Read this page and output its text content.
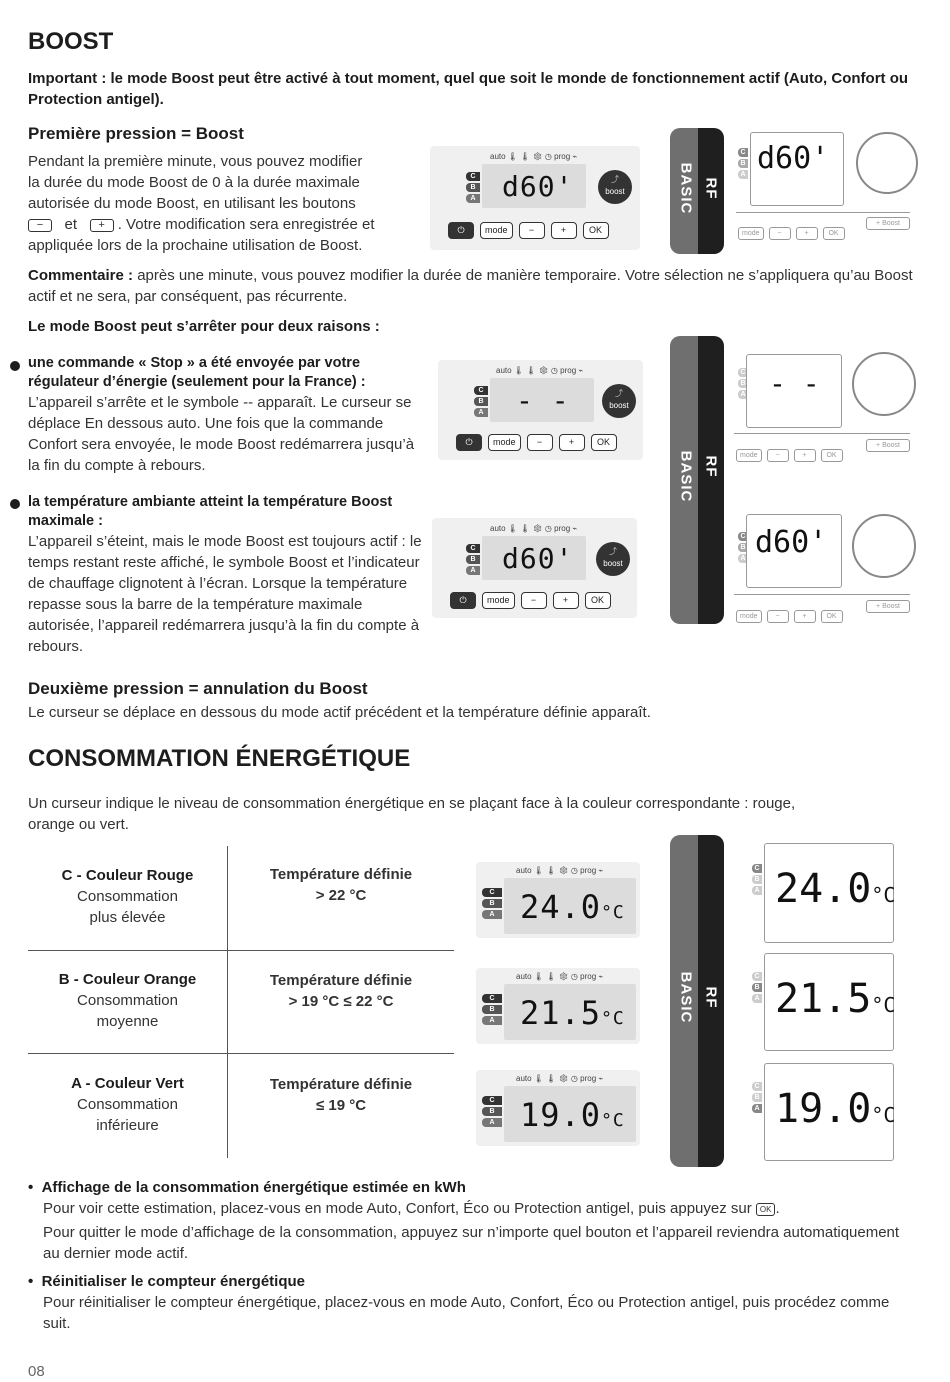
BOOST

Important : le mode Boost peut être activé à tout moment, quel que soit le monde de fonctionnement actif (Auto, Confort ou Protection antigel).

Première pression = Boost
Pendant la première minute, vous pouvez modifier
la durée du mode Boost de 0 à la durée maximale
autorisée du mode Boost, en utilisant les boutons
− et + . Votre modification sera enregistrée et
appliquée lors de la prochaine utilisation de Boost.
auto 🌡 🌡 ❄ ◷ prog ⌁
C
B
A d60'	⤴
boost
⏻	mode	−	+	OK
BASIC RF
C
B
A d60'
mode	−	+	OK
+ Boost

Commentaire : après une minute, vous pouvez modifier la durée de manière temporaire. Votre sélection ne s’appliquera qu’au Boost actif et ne sera, par conséquent, pas récurrente.

Le mode Boost peut s’arrêter pour deux raisons :

une commande « Stop » a été envoyée par votre régulateur d’énergie (seulement pour la France) :
L’appareil s’arrête et le symbole -- apparaît. Le curseur se déplace En dessous auto. Une fois que la commande Confort sera envoyée, le mode Boost redémarrera jusqu’à la fin du compte à rebours.
auto 🌡 🌡 ❄ ◷ prog ⌁
C
B
A - -	⤴
boost
⏻	mode	−	+	OK
la température ambiante atteint la température Boost maximale :
L’appareil s’éteint, mais le mode Boost est toujours actif : le temps restant reste affiché, le symbole Boost et l’indicateur de chauffage clignotent à l’écran. Lorsque la température repasse sous la barre de la température maximale autorisée, l’appareil redémarrera jusqu’à la fin du compte à rebours.
auto 🌡 🌡 ❄ ◷ prog ⌁
C
B
A d60'	⤴
boost
⏻	mode	−	+	OK
BASIC RF
C
B
A - -
mode	−	+	OK
+ Boost
C
B
A d60'
mode	−	+	OK
+ Boost
Deuxième pression = annulation du Boost

Le curseur se déplace en dessous du mode actif précédent et la température définie apparaît.

CONSOMMATION ÉNERGÉTIQUE

Un curseur indique le niveau de consommation énergétique en se plaçant face à la couleur correspondante : rouge, orange ou vert.

C - Couleur Rouge
Consommation
plus élevée
Température définie
> 22 °C
B - Couleur Orange
Consommation
moyenne
Température définie
> 19 °C ≤ 22 °C
A - Couleur Vert
Consommation
inférieure
Température définie
≤ 19 °C
auto 🌡 🌡 ❄ ◷ prog ⌁
C
B
A 24.0°C
auto 🌡 🌡 ❄ ◷ prog ⌁
C
B
A 21.5°C
auto 🌡 🌡 ❄ ◷ prog ⌁
C
B
A 19.0°C
BASIC RF
C
B
A 24.0°C
C
B
A 21.5°C
C
B
A 19.0°C
•  Affichage de la consommation énergétique estimée en kWh
Pour voir cette estimation, placez-vous en mode Auto, Confort, Éco ou Protection antigel, puis appuyez sur OK .
Pour quitter le mode d’affichage de la consommation, appuyez sur n’importe quel bouton et l’appareil reviendra automatiquement au dernier mode actif.
•  Réinitialiser le compteur énergétique
Pour réinitialiser le compteur énergétique, placez-vous en mode Auto, Confort, Éco ou Protection antigel, puis procédez comme suit.
08
